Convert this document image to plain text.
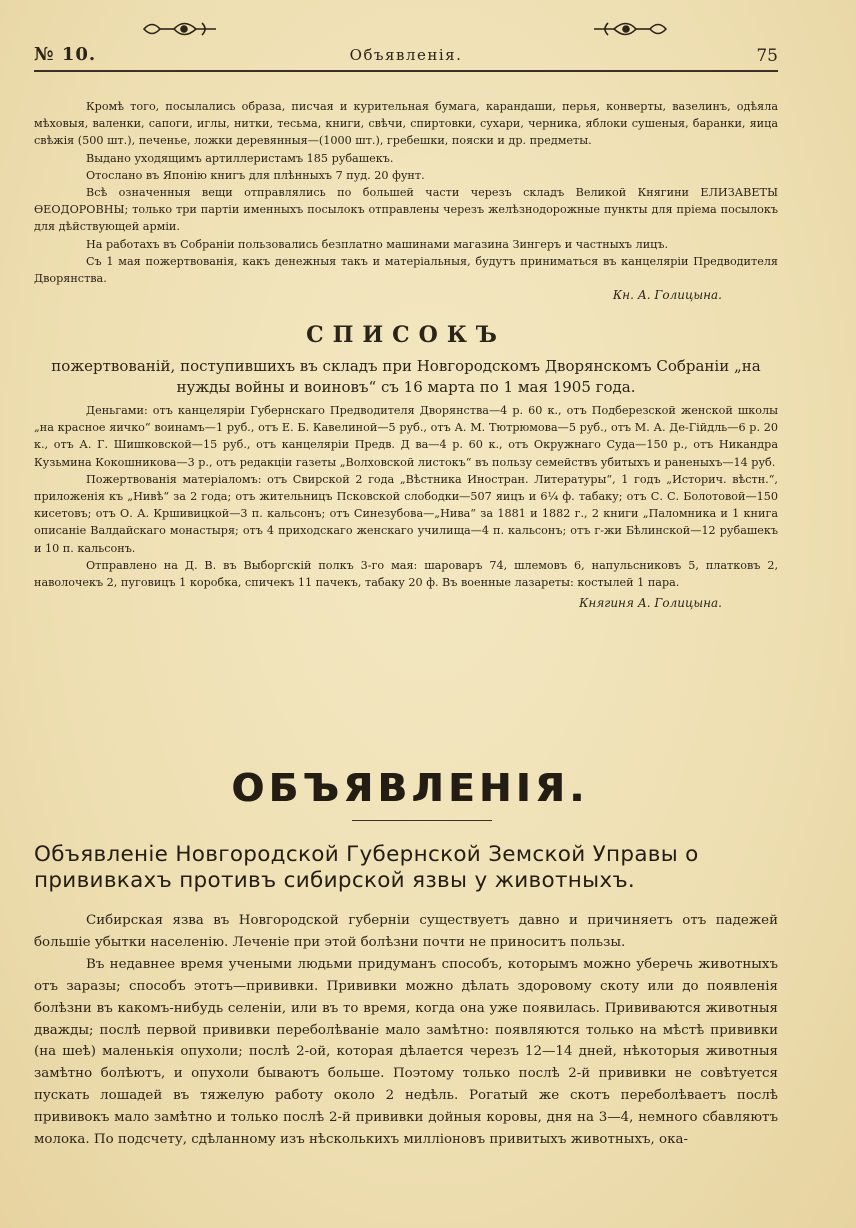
№ 10.	Объявленія.	75

Кромѣ того, посылались образа, писчая и курительная бумага, карандаши, перья, конверты, вазелинъ, одѣяла мѣховыя, валенки, сапоги, иглы, нитки, тесьма, книги, свѣчи, спиртовки, сухари, черника, яблоки сушеныя, баранки, яица свѣжія (500 шт.), печенье, ложки деревянныя—(1000 шт.), гребешки, пояски и др. предметы.

Выдано уходящимъ артиллеристамъ 185 рубашекъ.

Отослано въ Японію книгъ для плѣнныхъ 7 пуд. 20 фунт.

Всѣ означенныя вещи отправлялись по большей части черезъ складъ Великой Княгини ЕЛИЗАВЕТЫ ѲЕОДОРОВНЫ; только три партіи именныхъ посылокъ отправлены черезъ желѣзнодорожные пункты для пріема посылокъ для дѣйствующей арміи.

На работахъ въ Собраніи пользовались безплатно машинами магазина Зингеръ и частныхъ лицъ.

Съ 1 мая пожертвованія, какъ денежныя такъ и матеріальныя, будутъ приниматься въ канцеляріи Предводителя Дворянства.

Кн. А. Голицына.
СПИСОКЪ
пожертвованій, поступившихъ въ складъ при Новгородскомъ Дворянскомъ Собраніи „на нужды войны и воиновъ“ съ 16 марта по 1 мая 1905 года.

Деньгами: отъ канцеляріи Губернскаго Предводителя Дворянства—4 р. 60 к., отъ Подберезской женской школы „на красное яичко“ воинамъ—1 руб., отъ Е. Б. Кавелиной—5 руб., отъ А. М. Тютрюмова—5 руб., отъ М. А. Де-Гійдль—6 р. 20 к., отъ А. Г. Шишковской—15 руб., отъ канцеляріи Предв. Д ва—4 р. 60 к., отъ Окружнаго Суда—150 р., отъ Никандра Кузьмина Кокошникова—3 р., отъ редакціи газеты „Волховской листокъ“ въ пользу семействъ убитыхъ и раненыхъ—14 руб.

Пожертвованія матеріаломъ: отъ Свирской 2 года „Вѣстника Иностран. Литературы“, 1 годъ „Историч. вѣстн.“, приложенія къ „Нивѣ“ за 2 года; отъ жительницъ Псковской слободки—507 яицъ и 6¼ ф. табаку; отъ С. С. Болотовой—150 кисетовъ; отъ О. А. Кршивицкой—3 п. кальсонъ; отъ Синезубова—„Нива“ за 1881 и 1882 г., 2 книги „Паломника и 1 книга описаніе Валдайскаго монастыря; отъ 4 приходскаго женскаго училища—4 п. кальсонъ; отъ г-жи Бѣлинской—12 рубашекъ и 10 п. кальсонъ.

Отправлено на Д. В. въ Выборгскій полкъ 3-го мая: шароваръ 74, шлемовъ 6, напульсниковъ 5, платковъ 2, наволочекъ 2, пуговицъ 1 коробка, спичекъ 11 пачекъ, табаку 20 ф. Въ военные лазареты: костылей 1 пара.

Княгиня А. Голицына.
ОБЪЯВЛЕНІЯ.
Объявленіе Новгородской Губернской Земской Управы о прививкахъ противъ сибирской язвы у животныхъ.

Сибирская язва въ Новгородской губерніи существуетъ давно и причиняетъ отъ падежей большіе убытки населенію. Леченіе при этой болѣзни почти не приноситъ пользы.

Въ недавнее время учеными людьми придуманъ способъ, которымъ можно уберечь животныхъ отъ заразы; способъ этотъ—прививки. Прививки можно дѣлать здоровому скоту или до появленія болѣзни въ какомъ-нибудь селеніи, или въ то время, когда она уже появилась. Прививаются животныя дважды; послѣ первой прививки переболѣваніе мало замѣтно: появляются только на мѣстѣ прививки (на шеѣ) маленькія опухоли; послѣ 2-ой, которая дѣлается черезъ 12—14 дней, нѣкоторыя животныя замѣтно болѣютъ, и опухоли бываютъ больше. Поэтому только послѣ 2-й прививки не совѣтуется пускать лошадей въ тяжелую работу около 2 недѣль. Рогатый же скотъ переболѣваетъ послѣ прививокъ мало замѣтно и только послѣ 2-й прививки дойныя коровы, дня на 3—4, немного сбавляютъ молока. По подсчету, сдѣланному изъ нѣсколькихъ милліоновъ привитыхъ животныхъ, ока-
